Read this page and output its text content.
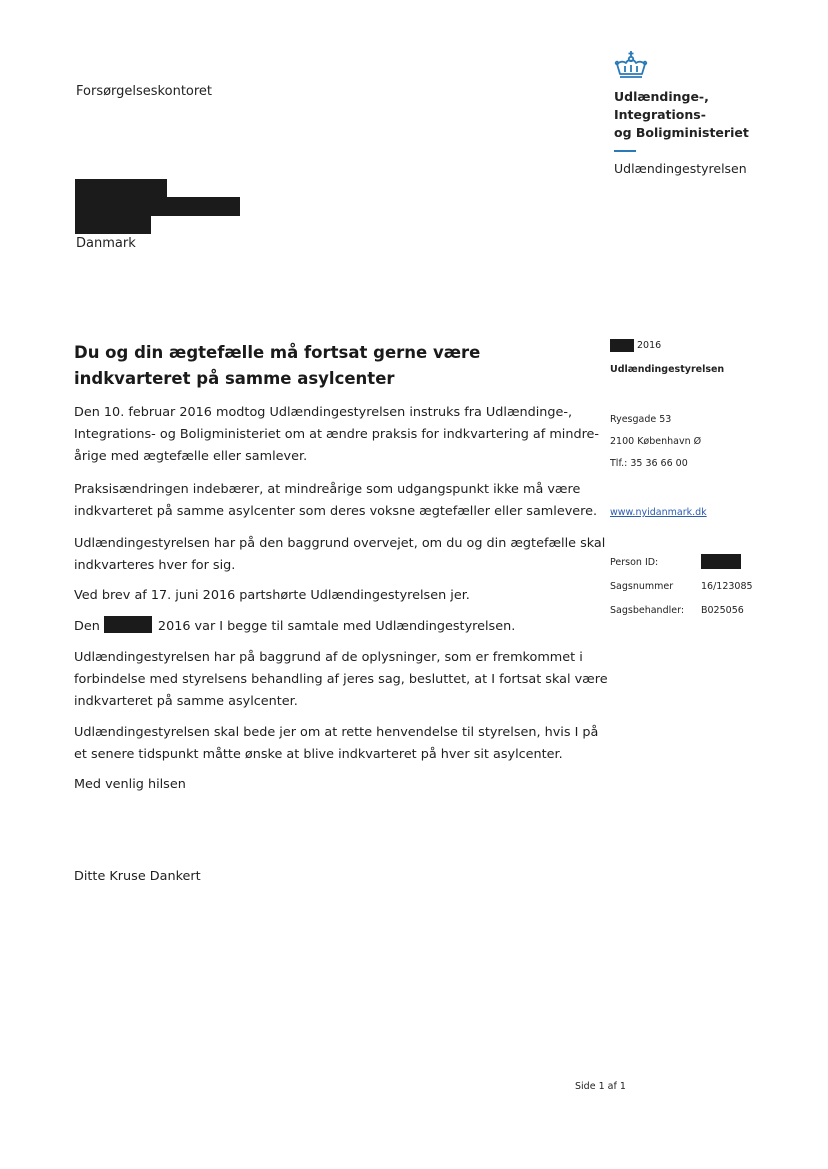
Forsørgelseskontoret	Udlændinge-, Integrations-
og Boligministeriet
Udlændingestyrelsen
Danmark
Du og din ægtefælle må fortsat gerne være indkvarteret på samme asylcenter
Den 10. februar 2016 modtog Udlændingestyrelsen instruks fra Udlændinge-,
Integrations- og Boligministeriet om at ændre praksis for indkvartering af mindre-
årige med ægtefælle eller samlever.
Praksisændringen indebærer, at mindreårige som udgangspunkt ikke må være
indkvarteret på samme asylcenter som deres voksne ægtefæller eller samlevere.
Udlændingestyrelsen har på den baggrund overvejet, om du og din ægtefælle skal
indkvarteres hver for sig.
Ved brev af 17. juni 2016 partshørte Udlændingestyrelsen jer.
Den	2016 var I begge til samtale med Udlændingestyrelsen.
Udlændingestyrelsen har på baggrund af de oplysninger, som er fremkommet i
forbindelse med styrelsens behandling af jeres sag, besluttet, at I fortsat skal være
indkvarteret på samme asylcenter.
Udlændingestyrelsen skal bede jer om at rette henvendelse til styrelsen, hvis I på
et senere tidspunkt måtte ønske at blive indkvarteret på hver sit asylcenter.
Med venlig hilsen
Ditte Kruse Dankert
2016
Udlændingestyrelsen
Ryesgade 53
2100 København Ø
Tlf.: 35 36 66 00
www.nyidanmark.dk
Person ID:
Sagsnummer	16/123085
Sagsbehandler: B025056
Side 1 af 1
